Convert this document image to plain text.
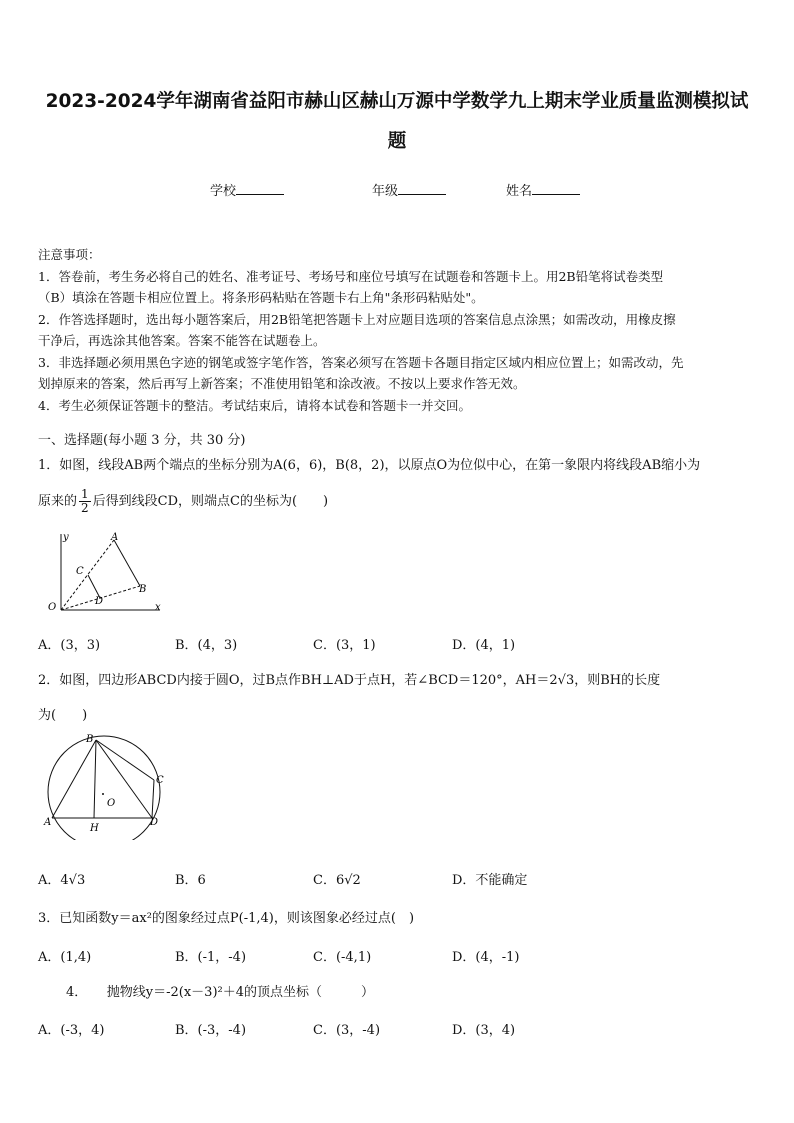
2023-2024学年湖南省益阳市赫山区赫山万源中学数学九上期末学业质量监测模拟试
题
学校	年级	姓名
注意事项：
1．答卷前，考生务必将自己的姓名、准考证号、考场号和座位号填写在试题卷和答题卡上。用2B铅笔将试卷类型
（B）填涂在答题卡相应位置上。将条形码粘贴在答题卡右上角"条形码粘贴处"。
2．作答选择题时，选出每小题答案后，用2B铅笔把答题卡上对应题目选项的答案信息点涂黑；如需改动，用橡皮擦
干净后，再选涂其他答案。答案不能答在试题卷上。
3．非选择题必须用黑色字迹的钢笔或签字笔作答，答案必须写在答题卡各题目指定区域内相应位置上；如需改动，先
划掉原来的答案，然后再写上新答案；不准使用铅笔和涂改液。不按以上要求作答无效。
4．考生必须保证答题卡的整洁。考试结束后，请将本试卷和答题卡一并交回。
一、选择题(每小题 3 分，共 30 分)
1．如图，线段AB两个端点的坐标分别为A(6，6)，B(8，2)，以原点O为位似中心，在第一象限内将线段AB缩小为
原来的 $\frac{1}{2}$ 后得到线段CD，则端点C的坐标为(　　)
y
x
O
A
B
C
D
A．(3，3)	B．(4，3)	C．(3，1)	D．(4，1)
2．如图，四边形ABCD内接于圆O，过B点作BH⊥AD于点H，若∠BCD＝120°，AH＝2√3，则BH的长度
为(　　)
B
C
D
A
H
O
A．4√3	B．6	C．6√2	D．不能确定
3．已知函数y＝ax²的图象经过点P(-1,4)，则该图象必经过点(　)
A．(1,4)	B．(-1，-4)	C．(-4,1)	D．(4，-1)
4．　　抛物线y＝-2(x－3)²＋4的顶点坐标（　　　）
A．(-3，4)	B．(-3，-4)	C．(3，-4)	D．(3，4)
